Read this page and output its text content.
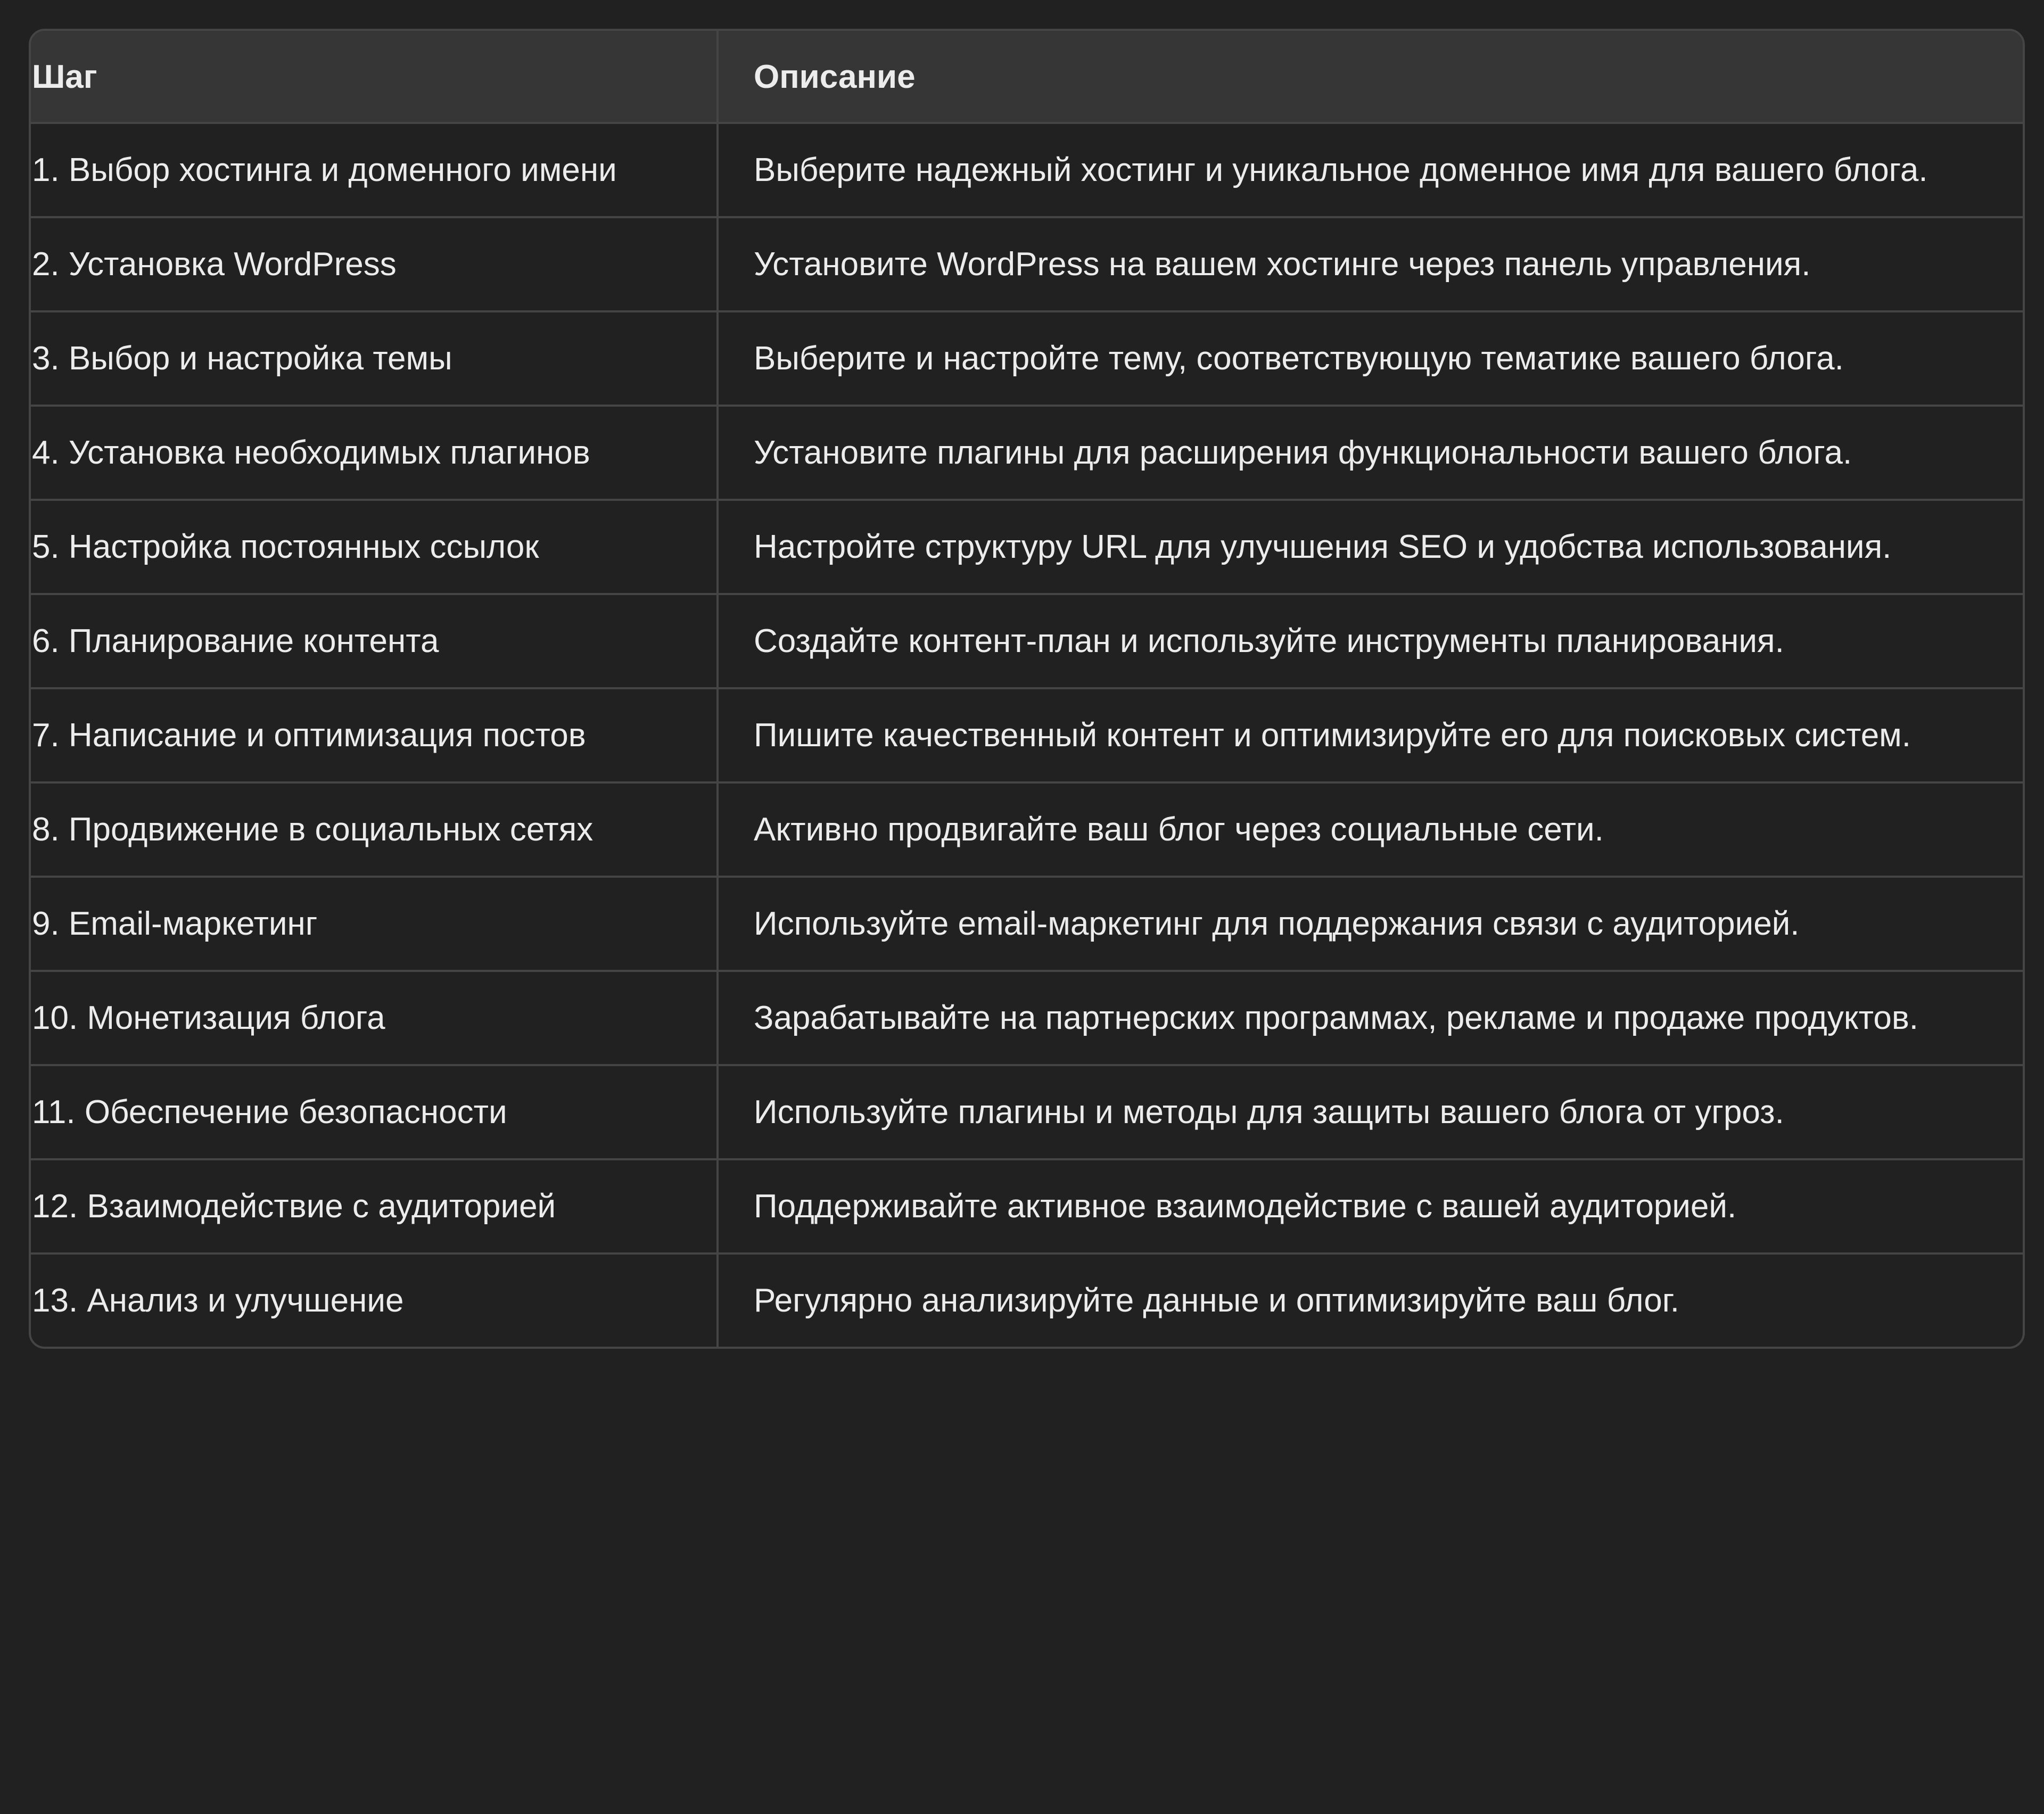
Шаг	Описание
1. Выбор хостинга и доменного имени	Выберите надежный хостинг и уникальное доменное имя для вашего блога.
2. Установка WordPress	Установите WordPress на вашем хостинге через панель управления.
3. Выбор и настройка темы	Выберите и настройте тему, соответствующую тематике вашего блога.
4. Установка необходимых плагинов	Установите плагины для расширения функциональности вашего блога.
5. Настройка постоянных ссылок	Настройте структуру URL для улучшения SEO и удобства использования.
6. Планирование контента	Создайте контент-план и используйте инструменты планирования.
7. Написание и оптимизация постов	Пишите качественный контент и оптимизируйте его для поисковых систем.
8. Продвижение в социальных сетях	Активно продвигайте ваш блог через социальные сети.
9. Email-маркетинг	Используйте email-маркетинг для поддержания связи с аудиторией.
10. Монетизация блога	Зарабатывайте на партнерских программах, рекламе и продаже продуктов.
11. Обеспечение безопасности	Используйте плагины и методы для защиты вашего блога от угроз.
12. Взаимодействие с аудиторией	Поддерживайте активное взаимодействие с вашей аудиторией.
13. Анализ и улучшение	Регулярно анализируйте данные и оптимизируйте ваш блог.
